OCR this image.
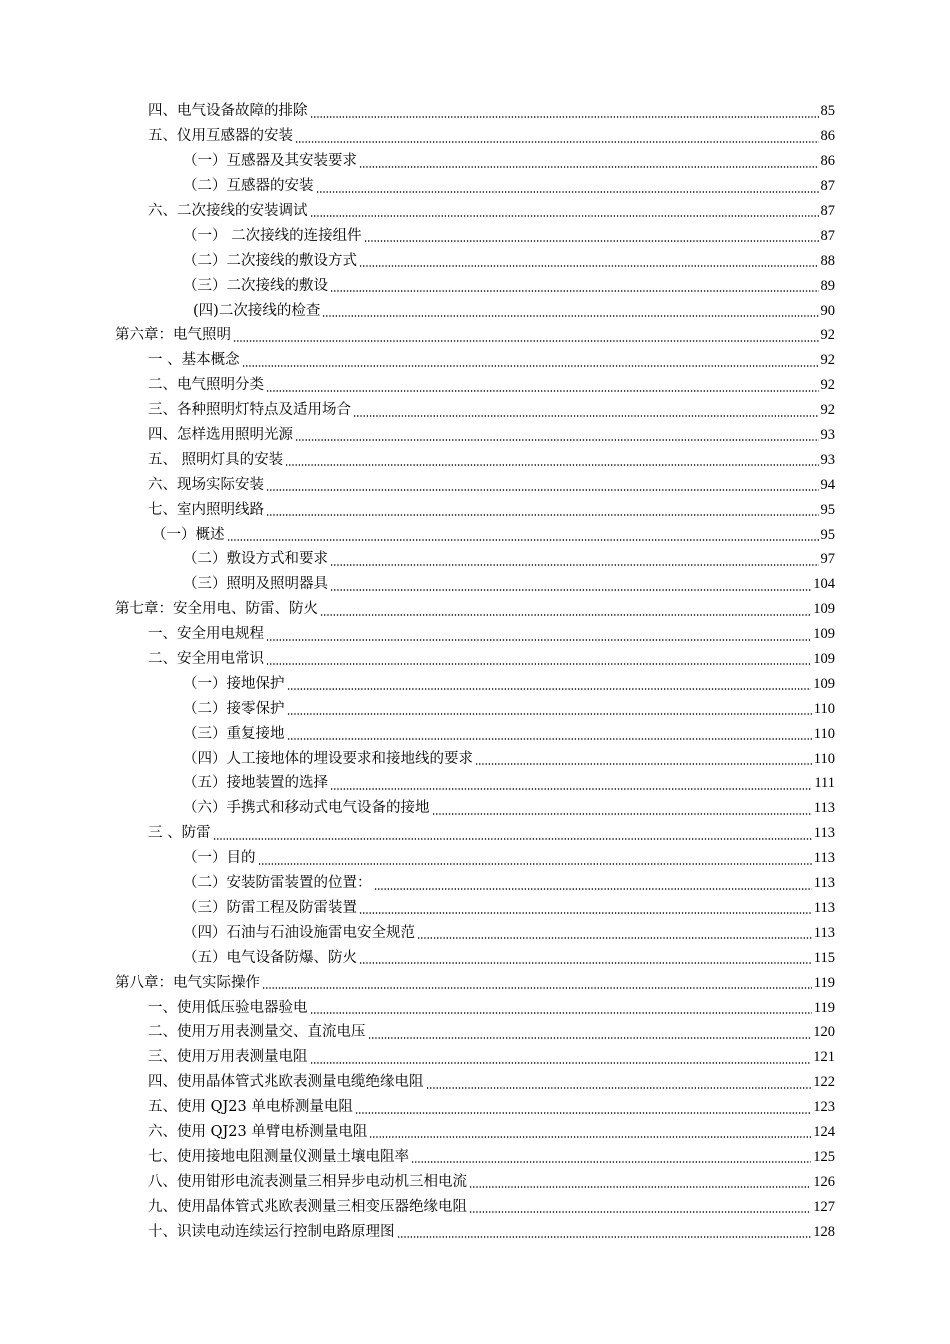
四、电气设备故障的排除	85
五、仪用互感器的安装	86
（一）互感器及其安装要求	86
（二）互感器的安装	87
六、二次接线的安装调试	87
（一） 二次接线的连接组件	87
（二）二次接线的敷设方式	88
（三）二次接线的敷设	89
(四)二次接线的检查	90
第六章：电气照明	92
一 、基本概念	92
二、电气照明分类	92
三、各种照明灯特点及适用场合	92
四、怎样选用照明光源	93
五、 照明灯具的安装	93
六、现场实际安装	94
七、室内照明线路	95
（一）概述	95
（二）敷设方式和要求	97
（三）照明及照明器具	104
第七章：安全用电、防雷、防火	109
一、安全用电规程	109
二、安全用电常识	109
（一）接地保护	109
（二）接零保护	110
（三）重复接地	110
（四）人工接地体的埋设要求和接地线的要求	110
（五）接地装置的选择	111
（六）手携式和移动式电气设备的接地	113
三 、防雷	113
（一）目的	113
（二）安装防雷装置的位置：	113
（三）防雷工程及防雷装置	113
（四）石油与石油设施雷电安全规范	113
（五）电气设备防爆、防火	115
第八章：电气实际操作	119
一、使用低压验电器验电	119
二、使用万用表测量交、直流电压	120
三、使用万用表测量电阻	121
四、使用晶体管式兆欧表测量电缆绝缘电阻	122
五、使用 QJ23 单电桥测量电阻	123
六、使用 QJ23 单臂电桥测量电阻	124
七、使用接地电阻测量仪测量土壤电阻率	125
八、使用钳形电流表测量三相异步电动机三相电流	126
九、使用晶体管式兆欧表测量三相变压器绝缘电阻	127
十、识读电动连续运行控制电路原理图	128
